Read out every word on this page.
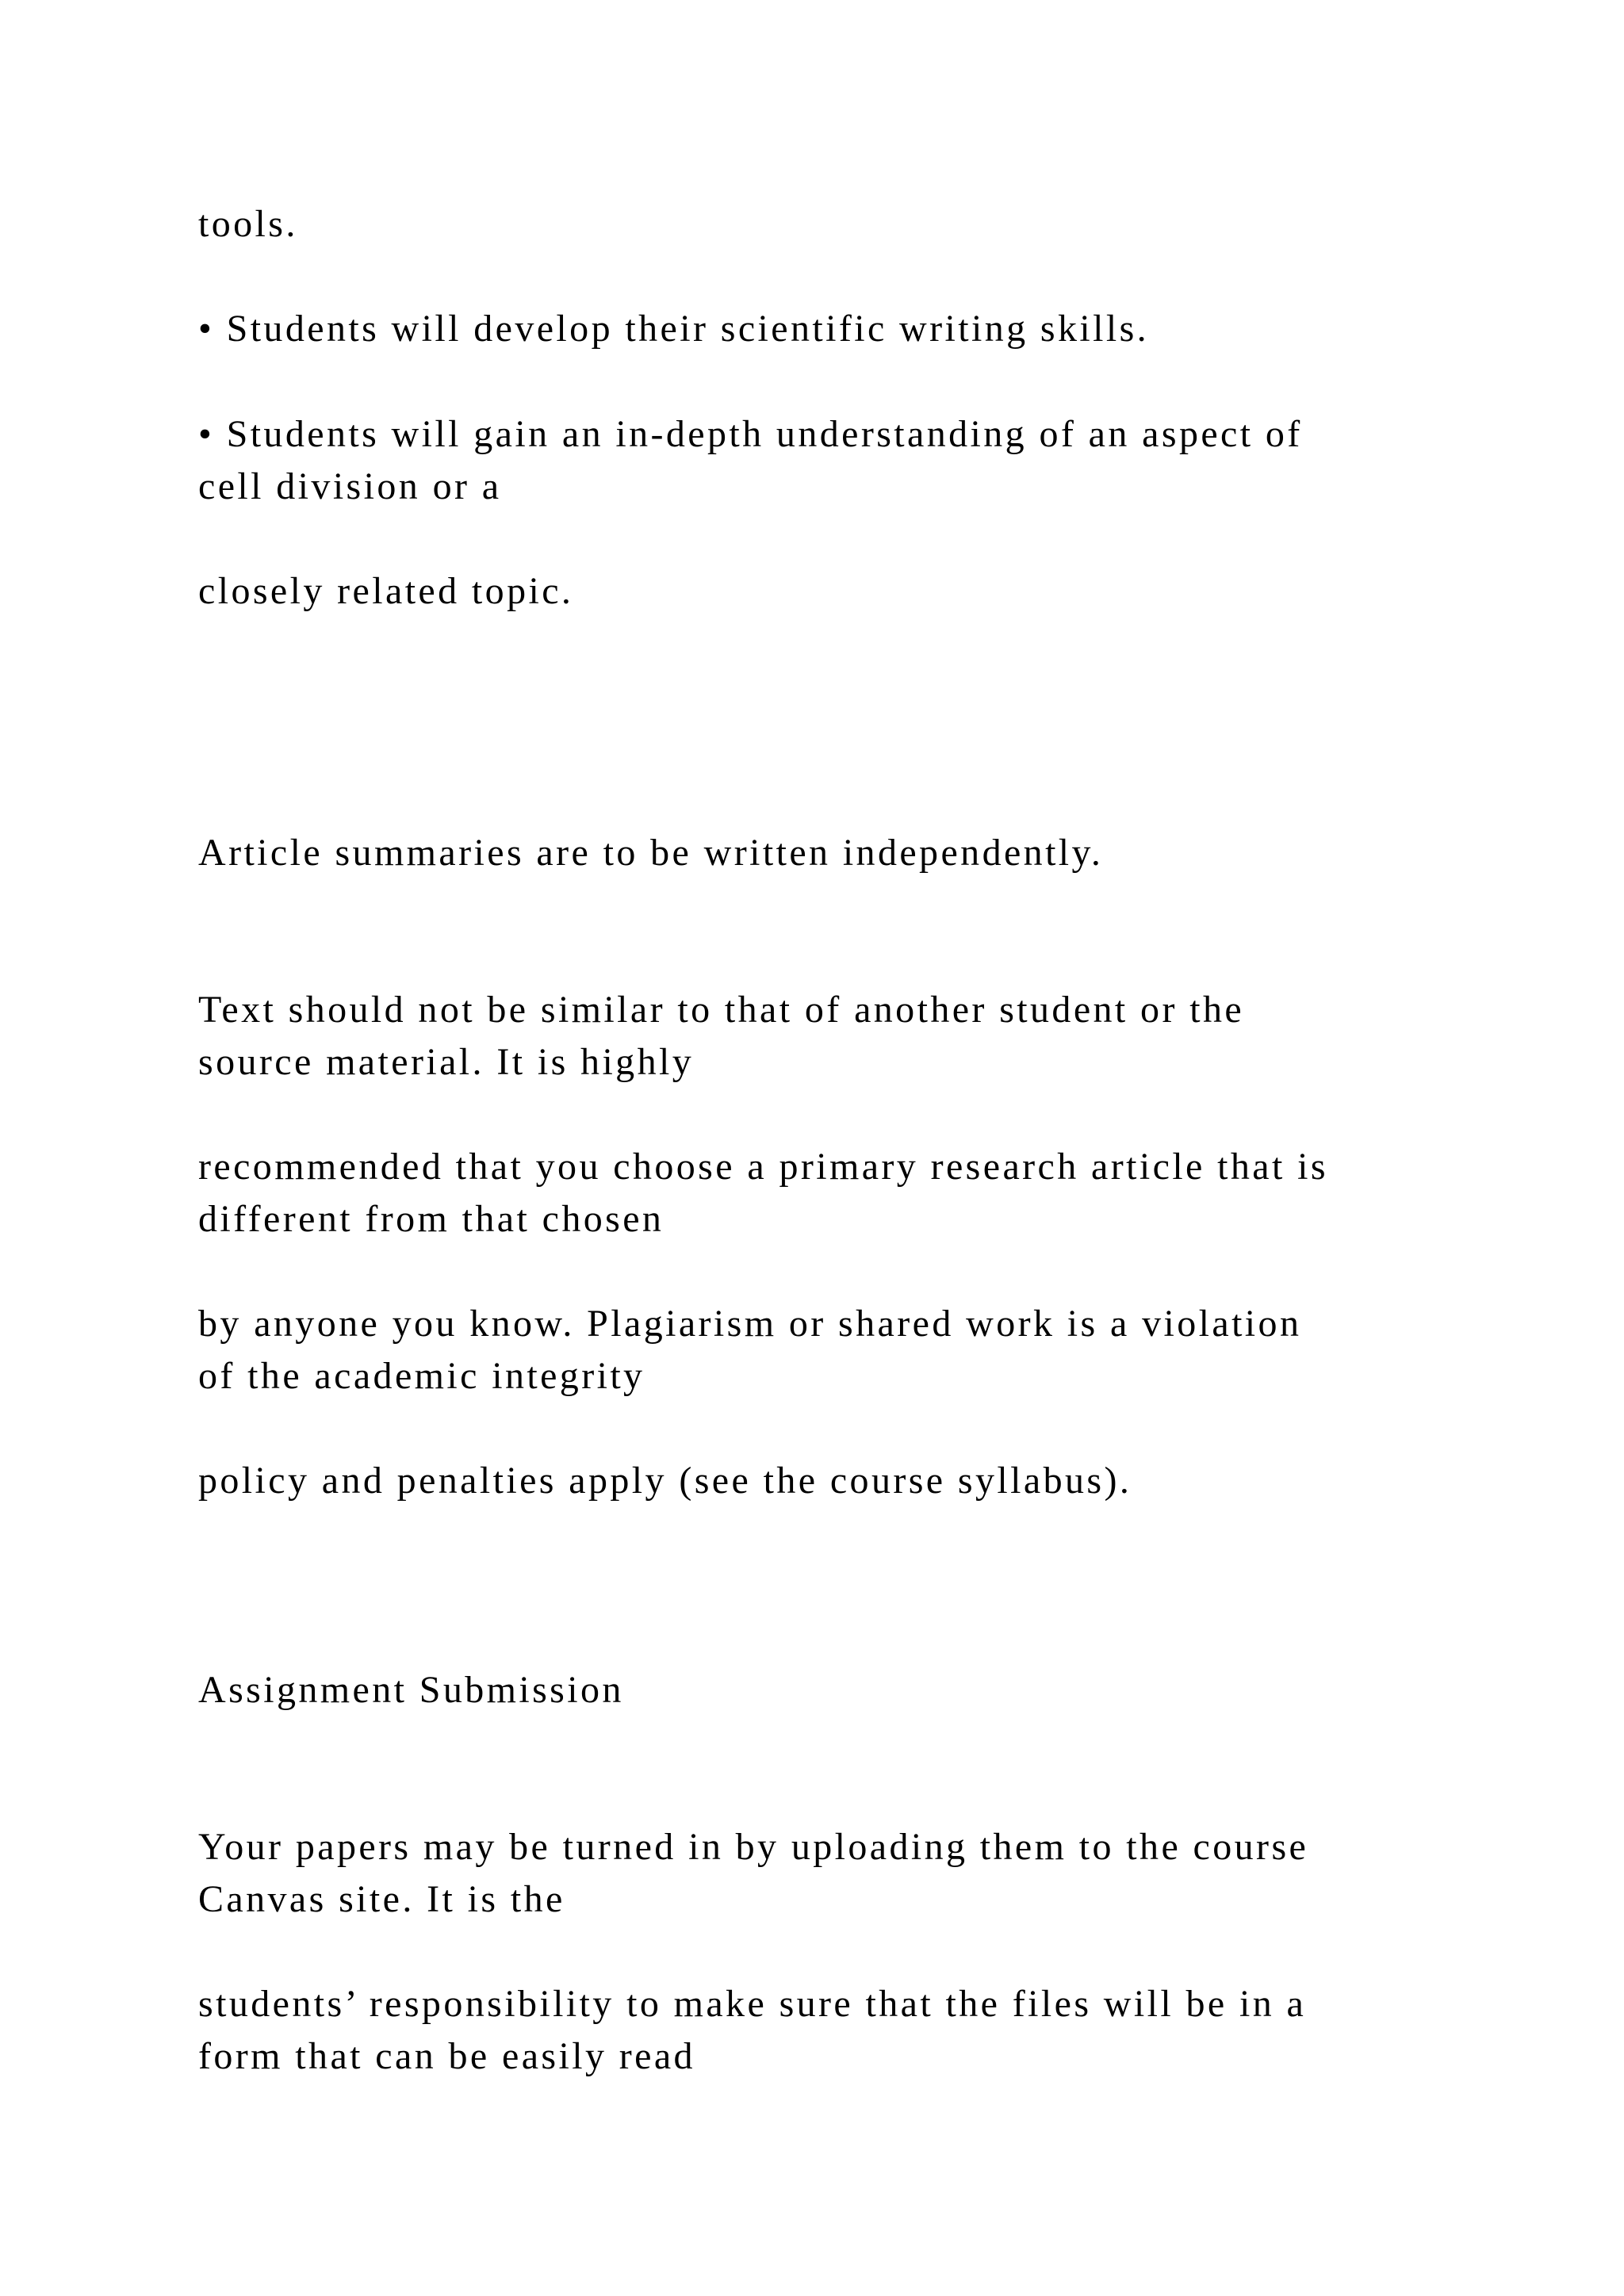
tools.

• Students will develop their scientific writing skills.

• Students will gain an in-depth understanding of an aspect of

cell division or a

closely related topic.

Article summaries are to be written independently.

Text should not be similar to that of another student or the

source material. It is highly

recommended that you choose a primary research article that is

different from that chosen

by anyone you know. Plagiarism or shared work is a violation

of the academic integrity

policy and penalties apply (see the course syllabus).

Assignment Submission

Your papers may be turned in by uploading them to the course

Canvas site. It is the

students’ responsibility to make sure that the files will be in a

form that can be easily read
